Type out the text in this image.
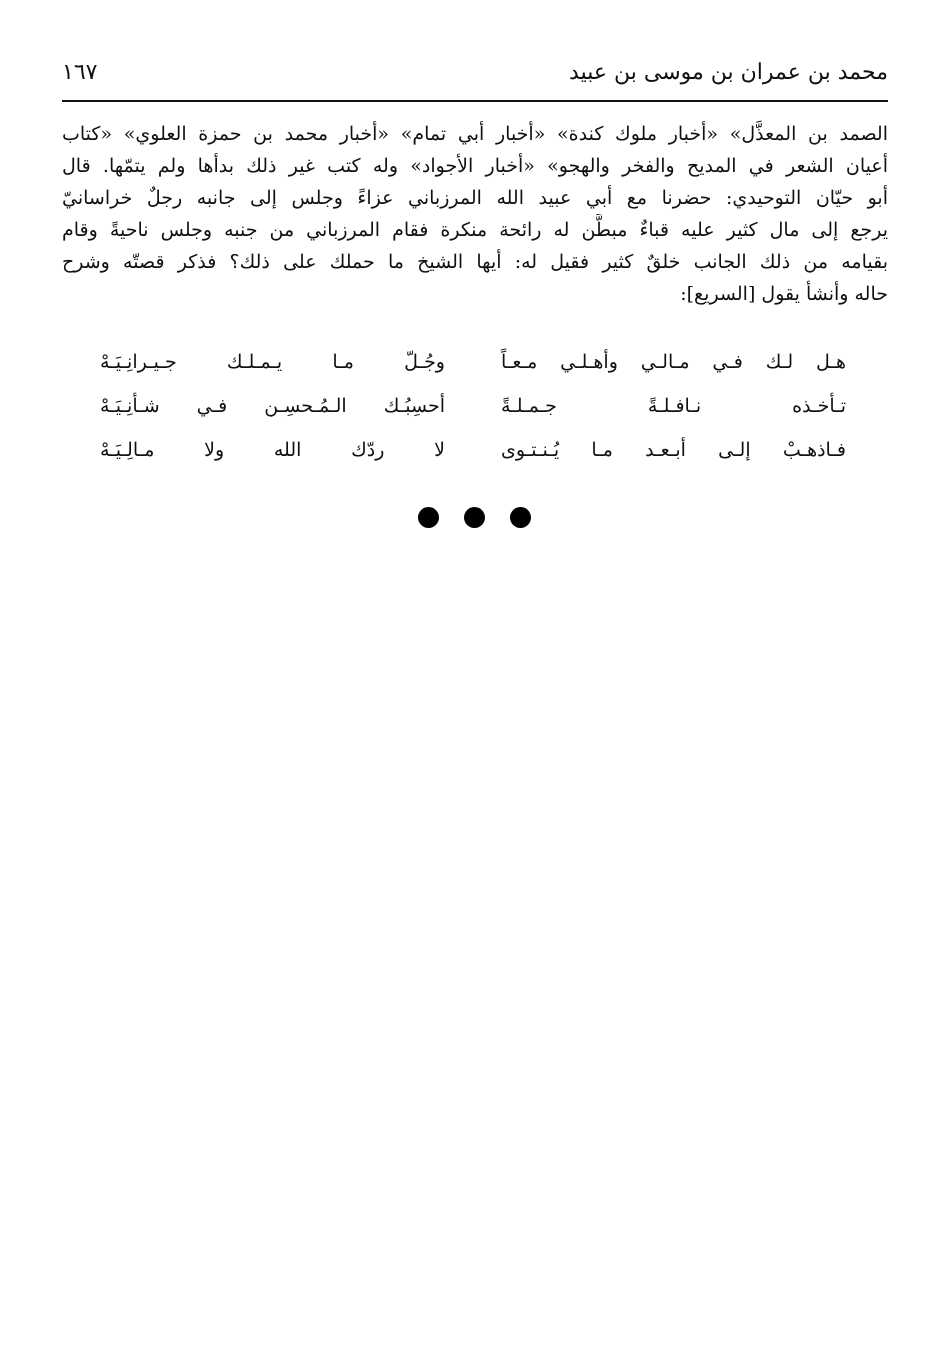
محمد بن عمران بن موسى بن عبيد
١٦٧
الصمد بن المعذَّل» «أخبار ملوك كندة» «أخبار أبي تمام» «أخبار محمد بن حمزة العلوي» «كتاب
أعيان الشعر في المديح والفخر والهجو» «أخبار الأجواد» وله كتب غير ذلك بدأها ولم يتمّها. قال
أبو حيّان التوحيدي: حضرنا مع أبي عبيد الله المرزباني عزاءً وجلس إلى جانبه رجلٌ خراسانيّ
يرجع إلى مال كثير عليه قباءٌ مبطَّن له رائحة منكرة فقام المرزباني من جنبه وجلس ناحيةً وقام
بقيامه من ذلك الجانب خلقٌ كثير فقيل له: أيها الشيخ ما حملك على ذلك؟ فذكر قصتّه وشرح
حاله وأنشأ يقول [السريع]:
هـل لـك فـي مـالـي وأهـلـي مـعـاً
وجُـلّ مـا يـمـلـك جـيـرانِـيَـهْ
تـأخـذه نـافـلـةً جـمـلـةً
أحسِبُـك الـمُـحسِـن فـي شـأنِـيَـهْ
فـاذهـبْ إلـى أبـعـد مـا يُـنـتـوى
لا ردّك الله ولا مـالِـيَـهْ
